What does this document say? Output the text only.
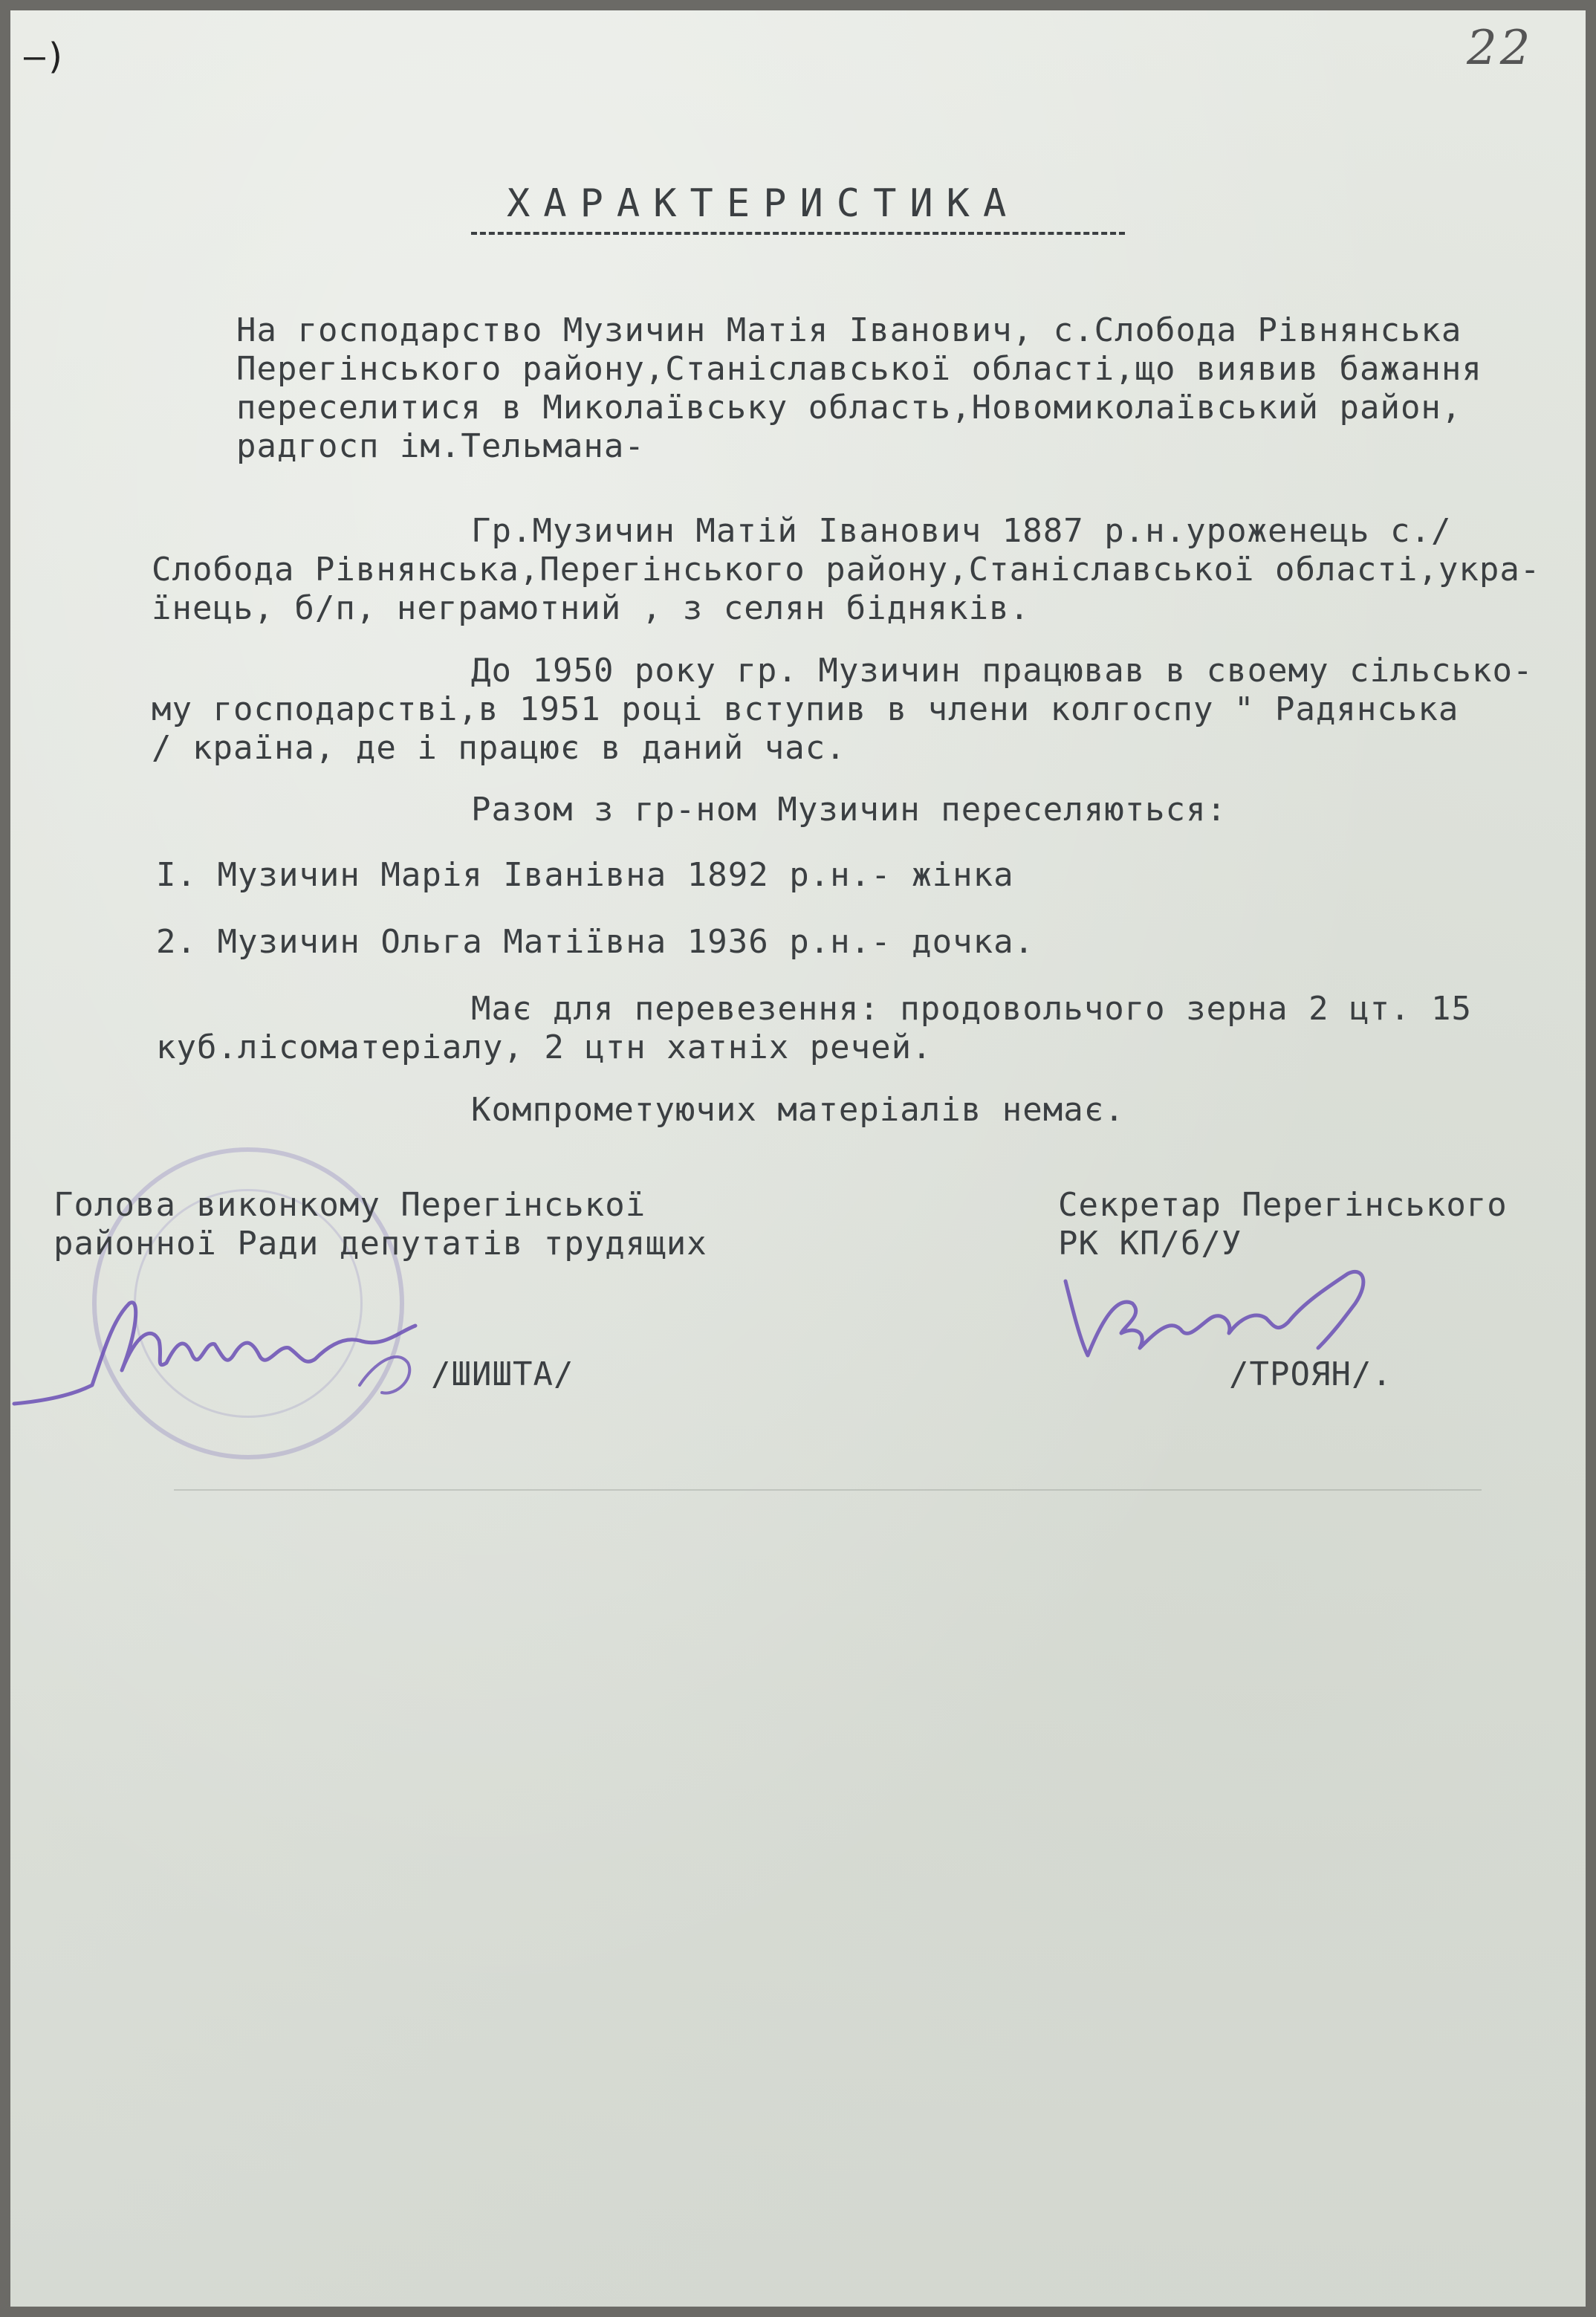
–)	22
ХАРАКТЕРИСТИКА
На господарство Музичин Матія Іванович, с.Слобода Рівнянська
Перегінського району,Станіславської області,що виявив бажання
переселитися в Миколаївську область,Новомиколаївський район,
радгосп ім.Тельмана-
Гр.Музичин Матій Іванович 1887 р.н.уроженець с./
Слобода Рівнянська,Перегінського району,Станіславської області,укра-
їнець, б/п, неграмотний , з селян бідняків.
До 1950 року гр. Музичин працював в своему сільсько-
му господарстві,в 1951 році вступив в члени колгоспу " Радянська
/ країна, де і працює в даний час.
Разом з гр-ном Музичин переселяються:
I. Музичин Марія Іванівна 1892 р.н.- жінка
2. Музичин Ольга Матіївна 1936 р.н.- дочка.
Має для перевезення: продовольчого зерна 2 цт. 15
куб.лісоматеріалу, 2 цтн хатніх речей.
Компрометуючих матеріалів немає.
Голова виконкому Перегінської
районної Ради депутатів трудящих
/ШИШТА/
Секретар Перегінського
РК КП/б/У
/ТРОЯН/.
